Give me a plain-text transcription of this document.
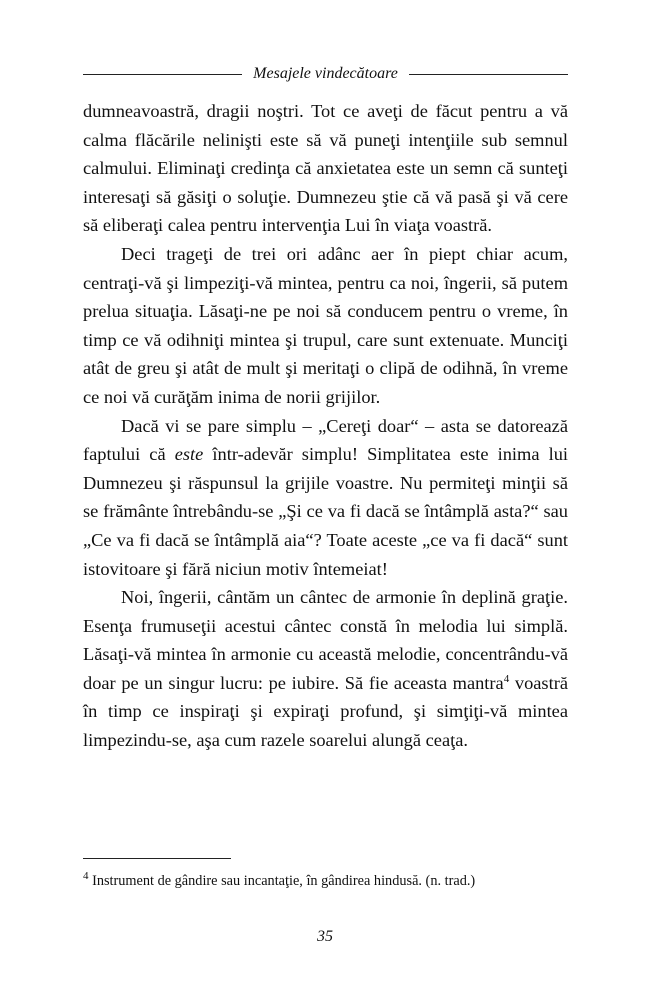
Mesajele vindecătoare

dumneavoastră, dragii noştri. Tot ce aveţi de făcut pentru a vă calma flăcările nelinişti este să vă puneţi intenţiile sub semnul calmului. Eliminaţi credinţa că anxietatea este un semn că sunteţi interesaţi să găsiţi o soluţie. Dumnezeu ştie că vă pasă şi vă cere să eliberaţi calea pentru intervenţia Lui în viaţa voastră.

Deci trageţi de trei ori adânc aer în piept chiar acum, centraţi-vă şi limpeziţi-vă mintea, pentru ca noi, îngerii, să putem prelua situaţia. Lăsaţi-ne pe noi să conducem pentru o vreme, în timp ce vă odihniţi mintea şi trupul, care sunt extenuate. Munciţi atât de greu şi atât de mult şi meritaţi o clipă de odihnă, în vreme ce noi vă curăţăm inima de norii grijilor.

Dacă vi se pare simplu – „Cereţi doar“ – asta se datorează faptului că este într-adevăr simplu! Simplitatea este inima lui Dumnezeu şi răspunsul la grijile voastre. Nu permiteţi minţii să se frământe întrebându-se „Şi ce va fi dacă se întâmplă asta?“ sau „Ce va fi dacă se întâmplă aia“? Toate aceste „ce va fi dacă“ sunt istovitoare şi fără niciun motiv întemeiat!

Noi, îngerii, cântăm un cântec de armonie în deplină graţie. Esenţa frumuseţii acestui cântec constă în melodia lui simplă. Lăsaţi-vă mintea în armonie cu această melodie, concentrându-vă doar pe un singur lucru: pe iubire. Să fie aceasta mantra$^4$ voastră în timp ce inspiraţi şi expiraţi profund, şi simţiţi-vă mintea limpezindu-se, aşa cum razele soarelui alungă ceaţa.

$^4$ Instrument de gândire sau incantaţie, în gândirea hindusă. (n. trad.)
35
